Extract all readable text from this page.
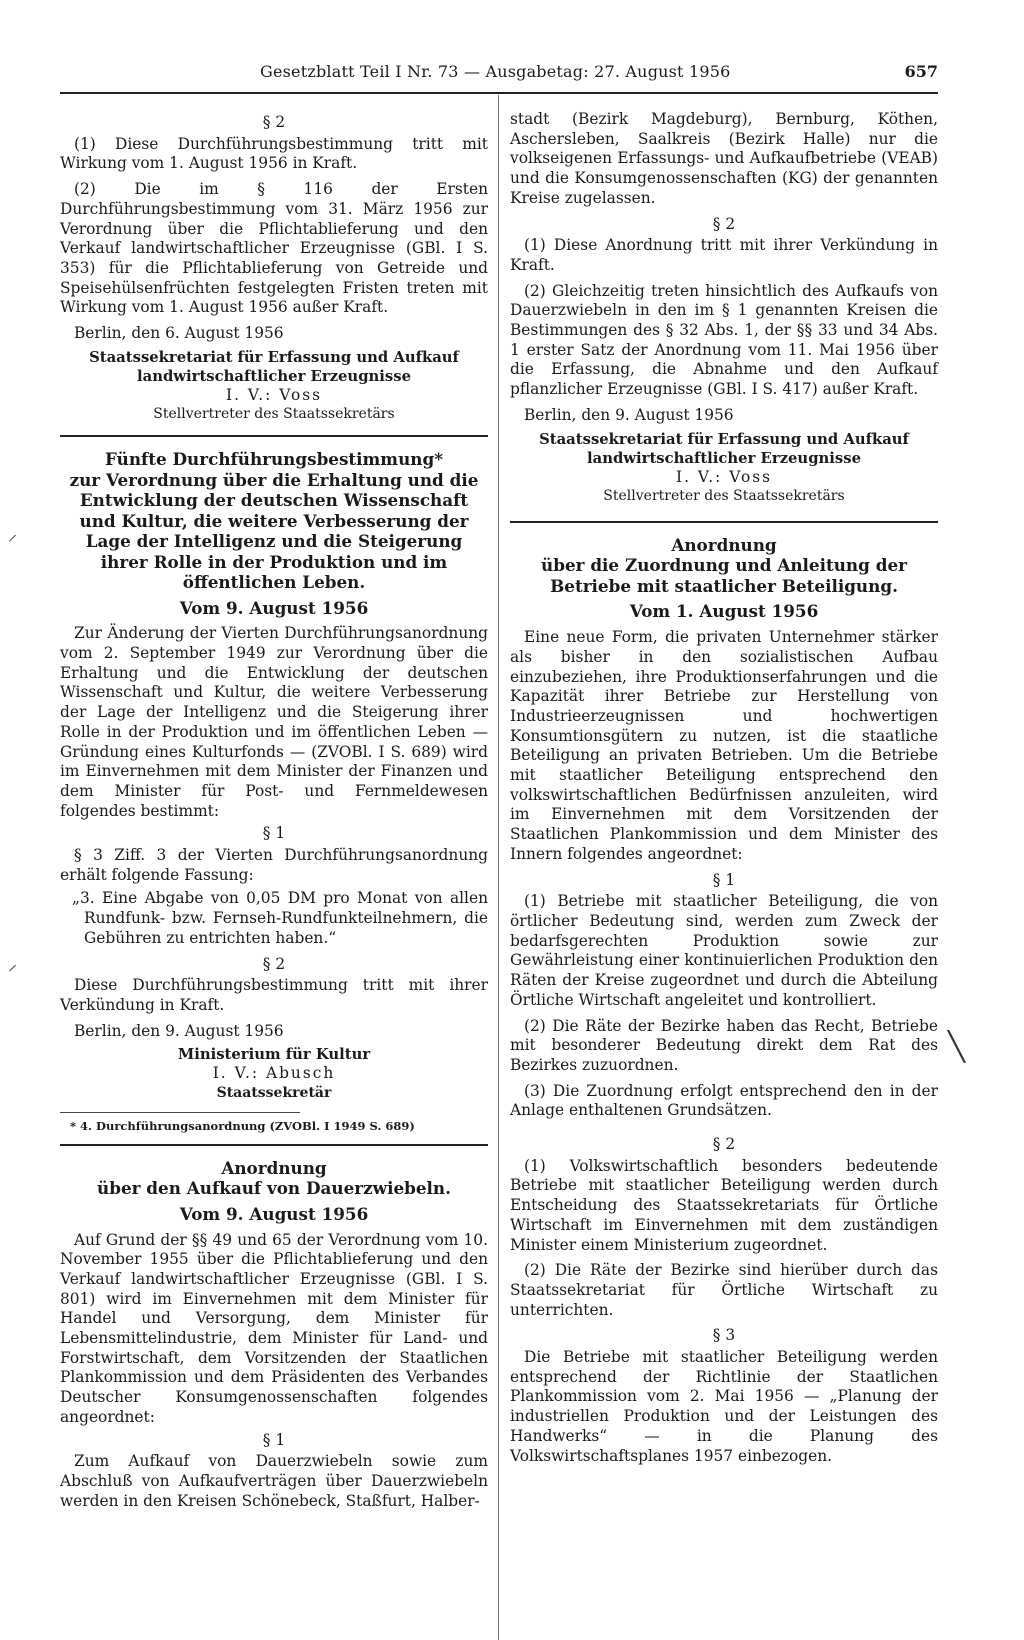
Gesetzblatt Teil I Nr. 73 — Ausgabetag: 27. August 1956	657
§ 2

(1) Diese Durchführungsbestimmung tritt mit Wirkung vom 1. August 1956 in Kraft.

(2) Die im § 116 der Ersten Durchführungsbestimmung vom 31. März 1956 zur Verordnung über die Pflichtablieferung und den Verkauf landwirtschaftlicher Erzeugnisse (GBl. I S. 353) für die Pflichtablieferung von Getreide und Speisehülsenfrüchten festgelegten Fristen treten mit Wirkung vom 1. August 1956 außer Kraft.

Berlin, den 6. August 1956

Staatssekretariat für Erfassung und Aufkauf
landwirtschaftlicher Erzeugnisse
I. V.: Voss
Stellvertreter des Staatssekretärs
Fünfte Durchführungsbestimmung*
zur Verordnung über die Erhaltung und die Entwicklung der deutschen Wissenschaft und Kultur, die weitere Verbesserung der Lage der Intelligenz und die Steigerung ihrer Rolle in der Produktion und im öffentlichen Leben.
Vom 9. August 1956

Zur Änderung der Vierten Durchführungsanordnung vom 2. September 1949 zur Verordnung über die Erhaltung und die Entwicklung der deutschen Wissenschaft und Kultur, die weitere Verbesserung der Lage der Intelligenz und die Steigerung ihrer Rolle in der Produktion und im öffentlichen Leben — Gründung eines Kulturfonds — (ZVOBl. I S. 689) wird im Einvernehmen mit dem Minister der Finanzen und dem Minister für Post- und Fernmeldewesen folgendes bestimmt:

§ 1

§ 3 Ziff. 3 der Vierten Durchführungsanordnung erhält folgende Fassung:

„3. Eine Abgabe von 0,05 DM pro Monat von allen Rundfunk- bzw. Fernseh-Rundfunkteilnehmern, die Gebühren zu entrichten haben.“

§ 2

Diese Durchführungsbestimmung tritt mit ihrer Verkündung in Kraft.

Berlin, den 9. August 1956

Ministerium für Kultur
I. V.: Abusch
Staatssekretär
* 4. Durchführungsanordnung (ZVOBl. I 1949 S. 689)
Anordnung
über den Aufkauf von Dauerzwiebeln.
Vom 9. August 1956

Auf Grund der §§ 49 und 65 der Verordnung vom 10. November 1955 über die Pflichtablieferung und den Verkauf landwirtschaftlicher Erzeugnisse (GBl. I S. 801) wird im Einvernehmen mit dem Minister für Handel und Versorgung, dem Minister für Lebensmittelindustrie, dem Minister für Land- und Forstwirtschaft, dem Vorsitzenden der Staatlichen Plankommission und dem Präsidenten des Verbandes Deutscher Konsumgenossenschaften folgendes angeordnet:

§ 1

Zum Aufkauf von Dauerzwiebeln sowie zum Abschluß von Aufkaufverträgen über Dauerzwiebeln werden in den Kreisen Schönebeck, Staßfurt, Halber-

stadt (Bezirk Magdeburg), Bernburg, Köthen, Aschersleben, Saalkreis (Bezirk Halle) nur die volkseigenen Erfassungs- und Aufkaufbetriebe (VEAB) und die Konsumgenossenschaften (KG) der genannten Kreise zugelassen.

§ 2

(1) Diese Anordnung tritt mit ihrer Verkündung in Kraft.

(2) Gleichzeitig treten hinsichtlich des Aufkaufs von Dauerzwiebeln in den im § 1 genannten Kreisen die Bestimmungen des § 32 Abs. 1, der §§ 33 und 34 Abs. 1 erster Satz der Anordnung vom 11. Mai 1956 über die Erfassung, die Abnahme und den Aufkauf pflanzlicher Erzeugnisse (GBl. I S. 417) außer Kraft.

Berlin, den 9. August 1956

Staatssekretariat für Erfassung und Aufkauf
landwirtschaftlicher Erzeugnisse
I. V.: Voss
Stellvertreter des Staatssekretärs
Anordnung
über die Zuordnung und Anleitung der Betriebe mit staatlicher Beteiligung.
Vom 1. August 1956

Eine neue Form, die privaten Unternehmer stärker als bisher in den sozialistischen Aufbau einzubeziehen, ihre Produktionserfahrungen und die Kapazität ihrer Betriebe zur Herstellung von Industrieerzeugnissen und hochwertigen Konsumtionsgütern zu nutzen, ist die staatliche Beteiligung an privaten Betrieben. Um die Betriebe mit staatlicher Beteiligung entsprechend den volkswirtschaftlichen Bedürfnissen anzuleiten, wird im Einvernehmen mit dem Vorsitzenden der Staatlichen Plankommission und dem Minister des Innern folgendes angeordnet:

§ 1

(1) Betriebe mit staatlicher Beteiligung, die von örtlicher Bedeutung sind, werden zum Zweck der bedarfsgerechten Produktion sowie zur Gewährleistung einer kontinuierlichen Produktion den Räten der Kreise zugeordnet und durch die Abteilung Örtliche Wirtschaft angeleitet und kontrolliert.

(2) Die Räte der Bezirke haben das Recht, Betriebe mit besonderer Bedeutung direkt dem Rat des Bezirkes zuzuordnen.

(3) Die Zuordnung erfolgt entsprechend den in der Anlage enthaltenen Grundsätzen.

§ 2

(1) Volkswirtschaftlich besonders bedeutende Betriebe mit staatlicher Beteiligung werden durch Entscheidung des Staatssekretariats für Örtliche Wirtschaft im Einvernehmen mit dem zuständigen Minister einem Ministerium zugeordnet.

(2) Die Räte der Bezirke sind hierüber durch das Staatssekretariat für Örtliche Wirtschaft zu unterrichten.

§ 3

Die Betriebe mit staatlicher Beteiligung werden entsprechend der Richtlinie der Staatlichen Plankommission vom 2. Mai 1956 — „Planung der industriellen Produktion und der Leistungen des Handwerks“ — in die Planung des Volkswirtschaftsplanes 1957 einbezogen.

⸝
⸝
╲
